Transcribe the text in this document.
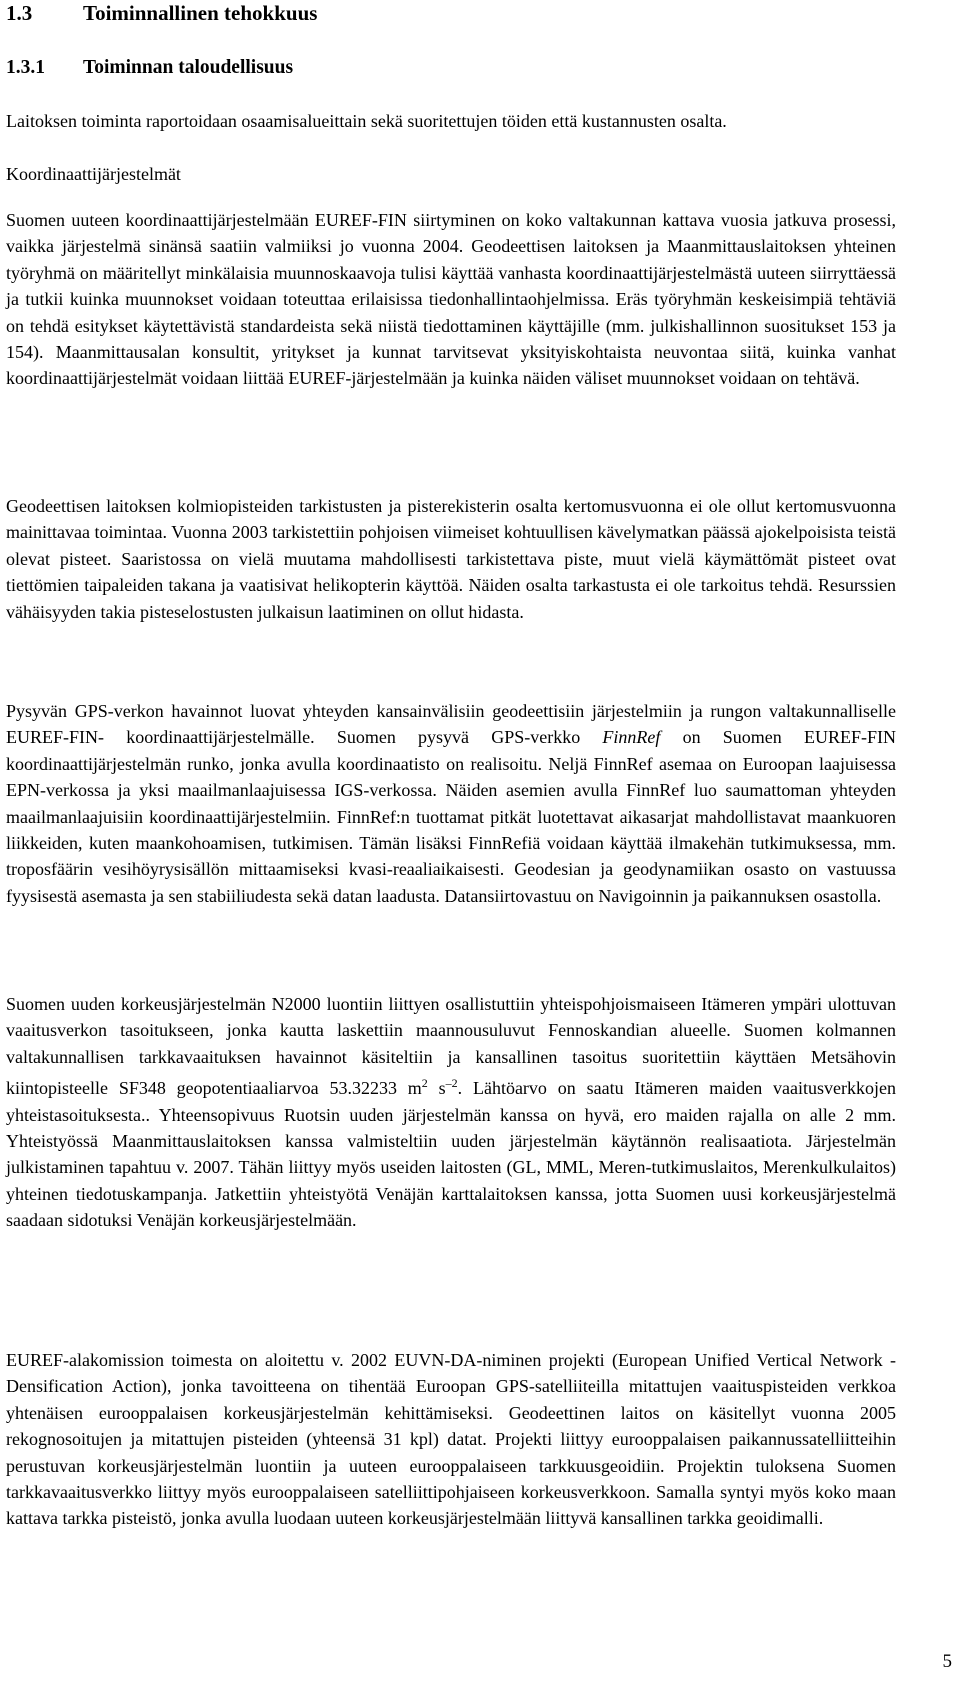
1.3 Toiminnallinen tehokkuus
1.3.1 Toiminnan taloudellisuus

Laitoksen toiminta raportoidaan osaamisalueittain sekä suoritettujen töiden että kustannusten osalta.

Koordinaattijärjestelmät

Suomen uuteen koordinaattijärjestelmään EUREF-FIN siirtyminen on koko valtakunnan kattava vuosia jatkuva prosessi, vaikka järjestelmä sinänsä saatiin valmiiksi jo vuonna 2004. Geodeettisen laitoksen ja Maanmittauslaitoksen yhteinen työryhmä on määritellyt minkälaisia muunnoskaavoja tulisi käyttää vanhasta koordinaattijärjestelmästä uuteen siirryttäessä ja tutkii kuinka muunnokset voidaan toteuttaa erilaisissa tiedonhallintaohjelmissa. Eräs työryhmän keskeisimpiä tehtäviä on tehdä esitykset käytettävistä standardeista sekä niistä tiedottaminen käyttäjille (mm. julkishallinnon suositukset 153 ja 154). Maanmittausalan konsultit, yritykset ja kunnat tarvitsevat yksityiskohtaista neuvontaa siitä, kuinka vanhat koordinaattijärjestelmät voidaan liittää EUREF-järjestelmään ja kuinka näiden väliset muunnokset voidaan on tehtävä.

Geodeettisen laitoksen kolmiopisteiden tarkistusten ja pisterekisterin osalta kertomusvuonna ei ole ollut kertomusvuonna mainittavaa toimintaa. Vuonna 2003 tarkistettiin pohjoisen viimeiset kohtuullisen kävelymatkan päässä ajokelpoisista teistä olevat pisteet. Saaristossa on vielä muutama mahdollisesti tarkistettava piste, muut vielä käymättömät pisteet ovat tiettömien taipaleiden takana ja vaatisivat helikopterin käyttöä. Näiden osalta tarkastusta ei ole tarkoitus tehdä. Resurssien vähäisyyden takia pisteselostusten julkaisun laatiminen on ollut hidasta.

Pysyvän GPS-verkon havainnot luovat yhteyden kansainvälisiin geodeettisiin järjestelmiin ja rungon valtakunnalliselle EUREF-FIN- koordinaattijärjestelmälle. Suomen pysyvä GPS-verkko FinnRef on Suomen EUREF-FIN koordinaattijärjestelmän runko, jonka avulla koordinaatisto on realisoitu. Neljä FinnRef asemaa on Euroopan laajuisessa EPN-verkossa ja yksi maailmanlaajuisessa IGS-verkossa. Näiden asemien avulla FinnRef luo saumattoman yhteyden maailmanlaajuisiin koordinaattijärjestelmiin. FinnRef:n tuottamat pitkät luotettavat aikasarjat mahdollistavat maankuoren liikkeiden, kuten maankohoamisen, tutkimisen. Tämän lisäksi FinnRefiä voidaan käyttää ilmakehän tutkimuksessa, mm. troposfäärin vesihöyrysisällön mittaamiseksi kvasi-reaaliaikaisesti. Geodesian ja geodynamiikan osasto on vastuussa fyysisestä asemasta ja sen stabiiliudesta sekä datan laadusta. Datansiirtovastuu on Navigoinnin ja paikannuksen osastolla.

Suomen uuden korkeusjärjestelmän N2000 luontiin liittyen osallistuttiin yhteispohjoismaiseen Itämeren ympäri ulottuvan vaaitusverkon tasoitukseen, jonka kautta laskettiin maannousuluvut Fennoskandian alueelle. Suomen kolmannen valtakunnallisen tarkkavaaituksen havainnot käsiteltiin ja kansallinen tasoitus suoritettiin käyttäen Metsähovin kiintopisteelle SF348 geopotentiaaliarvoa 53.32233 $m^2$ $s^{-2}$. Lähtöarvo on saatu Itämeren maiden vaaitusverkkojen yhteistasoituksesta.. Yhteensopivuus Ruotsin uuden järjestelmän kanssa on hyvä, ero maiden rajalla on alle 2 mm. Yhteistyössä Maanmittauslaitoksen kanssa valmisteltiin uuden järjestelmän käytännön realisaatiota. Järjestelmän julkistaminen tapahtuu v. 2007. Tähän liittyy myös useiden laitosten (GL, MML, Meren-tutkimuslaitos, Merenkulkulaitos) yhteinen tiedotuskampanja. Jatkettiin yhteistyötä Venäjän karttalaitoksen kanssa, jotta Suomen uusi korkeusjärjestelmä saadaan sidotuksi Venäjän korkeusjärjestelmään.

EUREF-alakomission toimesta on aloitettu v. 2002 EUVN-DA-niminen projekti (European Unified Vertical Network - Densification Action), jonka tavoitteena on tihentää Euroopan GPS-satelliiteilla mitattujen vaaituspisteiden verkkoa yhtenäisen eurooppalaisen korkeusjärjestelmän kehittämiseksi. Geodeettinen laitos on käsitellyt vuonna 2005 rekognosoitujen ja mitattujen pisteiden (yhteensä 31 kpl) datat. Projekti liittyy eurooppalaisen paikannussatelliitteihin perustuvan korkeusjärjestelmän luontiin ja uuteen eurooppalaiseen tarkkuusgeoidiin. Projektin tuloksena Suomen tarkkavaaitusverkko liittyy myös eurooppalaiseen satelliittipohjaiseen korkeusverkkoon. Samalla syntyi myös koko maan kattava tarkka pisteistö, jonka avulla luodaan uuteen korkeusjärjestelmään liittyvä kansallinen tarkka geoidimalli.

5
